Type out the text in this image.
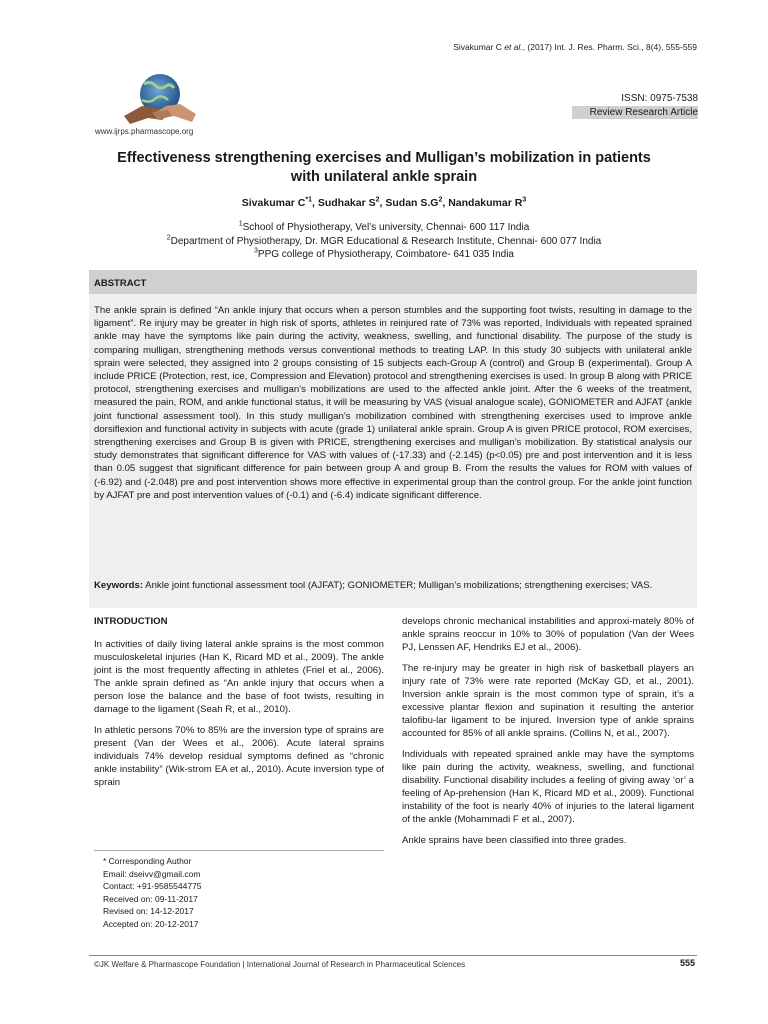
Sivakumar C et al., (2017) Int. J. Res. Pharm. Sci., 8(4), 555-559
www.ijrps.pharmascope.org
ISSN: 0975-7538
Review Research Article
Effectiveness strengthening exercises and Mulligan’s mobilization in patients
with unilateral ankle sprain
Sivakumar $C^{*1}$, Sudhakar $S^2$, Sudan $S.G^2$, Nandakumar $R^3$
$^1$School of Physiotherapy, Vel’s university, Chennai- 600 117 India
$^2$Department of Physiotherapy, Dr. MGR Educational & Research Institute, Chennai- 600 077 India
$^3$PPG college of Physiotherapy, Coimbatore- 641 035 India
ABSTRACT
The ankle sprain is defined “An ankle injury that occurs when a person stumbles and the supporting foot twists, resulting in damage to the ligament”. Re injury may be greater in high risk of sports, athletes in reinjured rate of 73% was reported, Individuals with repeated sprained ankle may have the symptoms like pain during the activity, weakness, swelling, and functional disability. The purpose of the study is comparing mulligan, strengthening methods versus conventional methods to treating LAP. In this study 30 subjects with unilateral ankle sprain were selected, they assigned into 2 groups consisting of 15 subjects each-Group A (control) and Group B (experimental). Group A include PRICE (Protection, rest, ice, Compression and Elevation) protocol and strengthening exercises is used. In group B along with PRICE protocol, strengthening exercises and mulligan’s mobilizations are used to the affected ankle joint. After the 6 weeks of the treatment, measured the pain, ROM, and ankle functional status, it will be measuring by VAS (visual analogue scale), GONIOMETER and AJFAT (ankle joint functional assessment tool). In this study mulligan’s mobilization combined with strengthening exercises used to improve ankle dorsiflexion and functional activity in subjects with acute (grade 1) unilateral ankle sprain. Group A is given PRICE protocol, ROM exercises, strengthening exercises and Group B is given with PRICE, strengthening exercises and mulligan’s mobilization. By statistical analysis our study demonstrates that significant difference for VAS with values of (-17.33) and (-2.145) (p<0.05) pre and post intervention and it is less than 0.05 suggest that significant difference for pain between group A and group B. From the results the values for ROM with values of (-6.92) and (-2.048) pre and post intervention shows more effective in experimental group than the control group. For the ankle joint function by AJFAT pre and post intervention values of (-0.1) and (-6.4) indicate significant difference.
Keywords: Ankle joint functional assessment tool (AJFAT); GONIOMETER; Mulligan’s mobilizations; strengthening exercises; VAS.

INTRODUCTION

In activities of daily living lateral ankle sprains is the most common musculoskeletal injuries (Han K, Ricard MD et al., 2009). The ankle joint is the most frequently affecting in athletes (Friel et al., 2006). The ankle sprain defined as “An ankle injury that occurs when a person lose the balance and the base of foot twists, resulting in damage to the ligament (Seah R, et al., 2010).

In athletic persons 70% to 85% are the inversion type of sprains are present (Van der Wees et al., 2006). Acute lateral sprains individuals 74% develop residual symptoms defined as “chronic ankle instability” (Wik-strom EA et al., 2010). Acute inversion type of sprain

* Corresponding Author
Email: dseivv@gmail.com
Contact: +91-9585544775
Received on: 09-11-2017
Revised on: 14-12-2017
Accepted on: 20-12-2017

develops chronic mechanical instabilities and approxi-mately 80% of ankle sprains reoccur in 10% to 30% of population (Van der Wees PJ, Lenssen AF, Hendriks EJ et al., 2006).

The re-injury may be greater in high risk of basketball players an injury rate of 73% were rate reported (McKay GD, et al., 2001). Inversion ankle sprain is the most common type of sprain, it’s a excessive plantar flexion and supination it resulting the anterior talofibu-lar ligament to be injured. Inversion type of ankle sprains accounted for 85% of all ankle sprains. (Collins N, et al., 2007).

Individuals with repeated sprained ankle may have the symptoms like pain during the activity, weakness, swelling, and functional disability. Functional disability includes a feeling of giving away ‘or’ a feeling of Ap-prehension (Han K, Ricard MD et al., 2009). Functional instability of the foot is nearly 40% of injuries to the lateral ligament of the ankle (Mohammadi F et al., 2007).

Ankle sprains have been classified into three grades.

©JK Welfare & Pharmascope Foundation | International Journal of Research in Pharmaceutical Sciences	555
